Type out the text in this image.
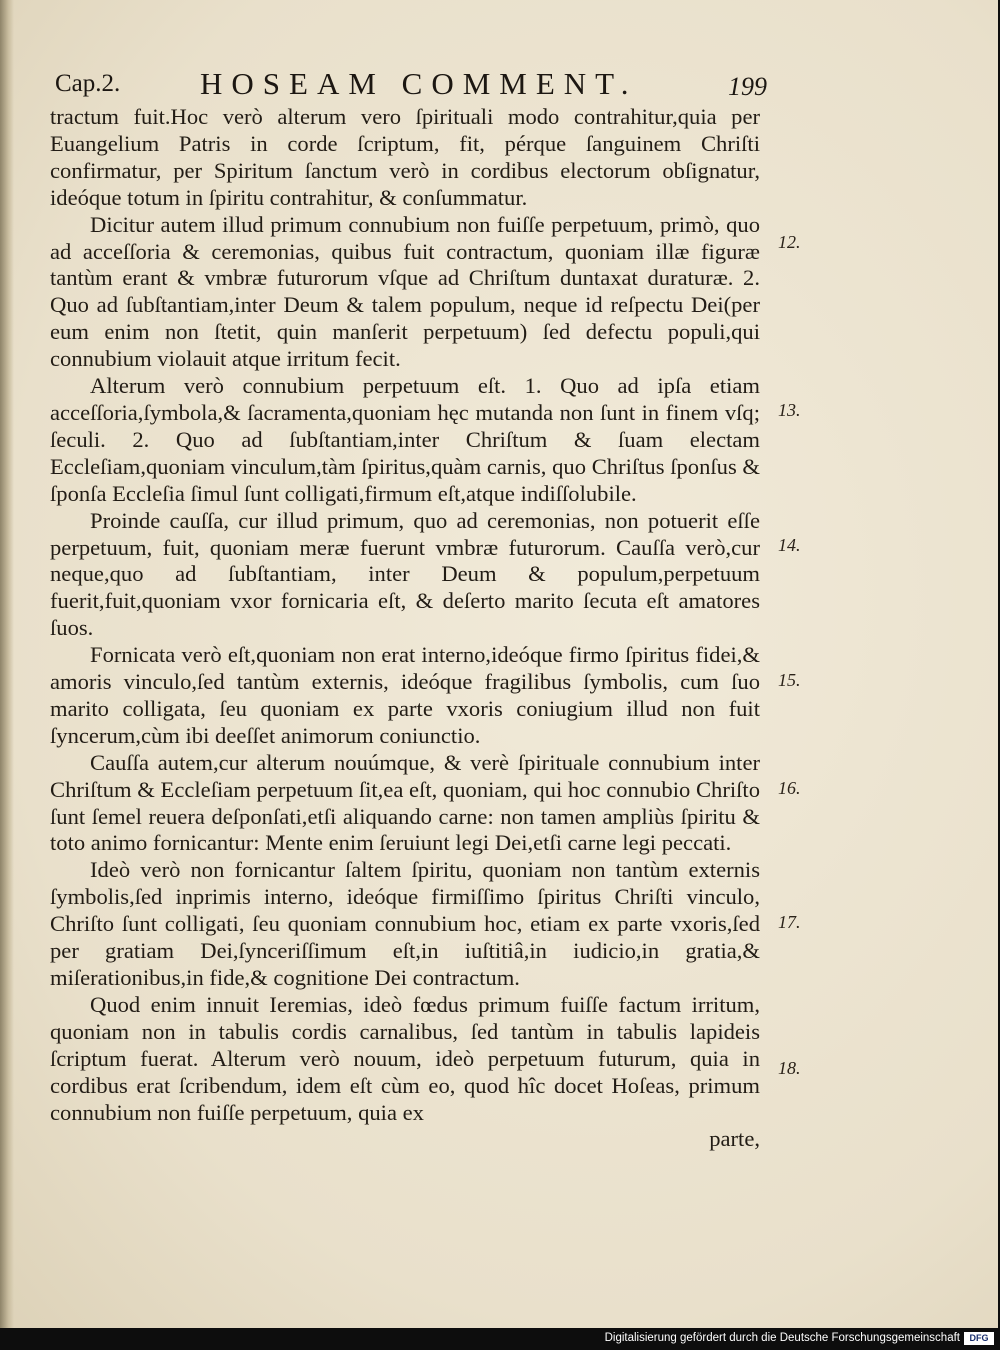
Cap.2.	HOSEAM COMMENT.	199

tractum fuit.Hoc verò alterum vero ſpirituali modo contrahitur,quia per Euangelium Patris in corde ſcriptum, fit, pérque ſanguinem Chriſti confirmatur, per Spiritum ſanctum verò in cordibus electorum obſignatur, ideóque totum in ſpiritu contrahitur, & conſummatur.

Dicitur autem illud primum connubium non fuiſſe perpetuum, primò, quo ad acceſſoria & ceremonias, quibus fuit contractum, quoniam illæ figuræ tantùm erant & vmbræ futurorum vſque ad Chriſtum duntaxat duraturæ. 2. Quo ad ſubſtantiam,inter Deum & talem populum, neque id reſpectu Dei(per eum enim non ſtetit, quin manſerit perpetuum) ſed defectu populi,qui connubium violauit atque irritum fecit.

Alterum verò connubium perpetuum eſt. 1. Quo ad ipſa etiam acceſſoria,ſymbola,& ſacramenta,quoniam hęc mutanda non ſunt in finem vſq; ſeculi. 2. Quo ad ſubſtantiam,inter Chriſtum & ſuam electam Eccleſiam,quoniam vinculum,tàm ſpiritus,quàm carnis, quo Chriſtus ſponſus & ſponſa Eccleſia ſimul ſunt colligati,firmum eſt,atque indiſſolubile.

Proinde cauſſa, cur illud primum, quo ad ceremonias, non potuerit eſſe perpetuum, fuit, quoniam meræ fuerunt vmbræ futurorum. Cauſſa verò,cur neque,quo ad ſubſtantiam, inter Deum & populum,perpetuum fuerit,fuit,quoniam vxor fornicaria eſt, & deſerto marito ſecuta eſt amatores ſuos.

Fornicata verò eſt,quoniam non erat interno,ideóque firmo ſpiritus fidei,& amoris vinculo,ſed tantùm externis, ideóque fragilibus ſymbolis, cum ſuo marito colligata, ſeu quoniam ex parte vxoris coniugium illud non fuit ſyncerum,cùm ibi deeſſet animorum coniunctio.

Cauſſa autem,cur alterum nouúmque, & verè ſpirituale connubium inter Chriſtum & Eccleſiam perpetuum ſit,ea eſt, quoniam, qui hoc connubio Chriſto ſunt ſemel reuera deſponſati,etſi aliquando carne: non tamen ampliùs ſpiritu & toto animo fornicantur: Mente enim ſeruiunt legi Dei,etſi carne legi peccati.

Ideò verò non fornicantur ſaltem ſpiritu, quoniam non tantùm externis ſymbolis,ſed inprimis interno, ideóque firmiſſimo ſpiritus Chriſti vinculo, Chriſto ſunt colligati, ſeu quoniam connubium hoc, etiam ex parte vxoris,ſed per gratiam Dei,ſynceriſſimum eſt,in iuſtitiâ,in iudicio,in gratia,& miſerationibus,in fide,& cognitione Dei contractum.

Quod enim innuit Ieremias, ideò fœdus primum fuiſſe factum irritum, quoniam non in tabulis cordis carnalibus, ſed tantùm in tabulis lapideis ſcriptum fuerat. Alterum verò nouum, ideò perpetuum futurum, quia in cordibus erat ſcribendum, idem eſt cùm eo, quod hîc docet Hoſeas, primum connubium non fuiſſe perpetuum, quia ex

parte,

12.
13.
14.
15.
16.
17.
18.
Digitalisierung gefördert durch die Deutsche Forschungsgemeinschaft	DFG
